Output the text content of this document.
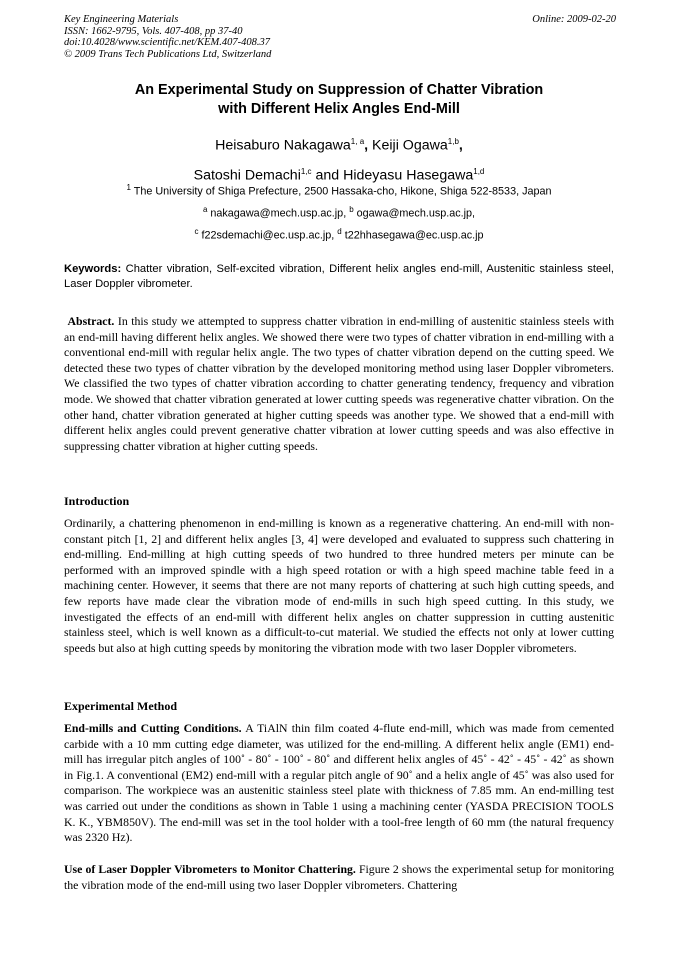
Key Engineering Materials
ISSN: 1662-9795, Vols. 407-408, pp 37-40
doi:10.4028/www.scientific.net/KEM.407-408.37
© 2009 Trans Tech Publications Ltd, Switzerland
Online: 2009-02-20
An Experimental Study on Suppression of Chatter Vibration
with Different Helix Angles End-Mill
Heisaburo Nakagawa$^{1, a}$, Keiji Ogawa$^{1,b}$,
Satoshi Demachi$^{1,c}$ and Hideyasu Hasegawa$^{1,d}$
$^1$ The University of Shiga Prefecture, 2500 Hassaka-cho, Hikone, Shiga 522-8533, Japan
$^a$ nakagawa@mech.usp.ac.jp, $^b$ ogawa@mech.usp.ac.jp,
$^c$ f22sdemachi@ec.usp.ac.jp, $^d$ t22hhasegawa@ec.usp.ac.jp
Keywords: Chatter vibration, Self-excited vibration, Different helix angles end-mill, Austenitic stainless steel, Laser Doppler vibrometer.

Abstract. In this study we attempted to suppress chatter vibration in end-milling of austenitic stainless steels with an end-mill having different helix angles. We showed there were two types of chatter vibration in end-milling with a conventional end-mill with regular helix angle. The two types of chatter vibration depend on the cutting speed. We detected these two types of chatter vibration by the developed monitoring method using laser Doppler vibrometers. We classified the two types of chatter vibration according to chatter generating tendency, frequency and vibration mode. We showed that chatter vibration generated at lower cutting speeds was regenerative chatter vibration. On the other hand, chatter vibration generated at higher cutting speeds was another type. We showed that a end-mill with different helix angles could prevent generative chatter vibration at lower cutting speeds and was also effective in suppressing chatter vibration at higher cutting speeds.

Introduction

Ordinarily, a chattering phenomenon in end-milling is known as a regenerative chattering. An end-mill with non-constant pitch [1, 2] and different helix angles [3, 4] were developed and evaluated to suppress such chattering in end-milling. End-milling at high cutting speeds of two hundred to three hundred meters per minute can be performed with an improved spindle with a high speed rotation or with a high speed machine table feed in a machining center. However, it seems that there are not many reports of chattering at such high cutting speeds, and few reports have made clear the vibration mode of end-mills in such high speed cutting. In this study, we investigated the effects of an end-mill with different helix angles on chatter suppression in cutting austenitic stainless steel, which is well known as a difficult-to-cut material. We studied the effects not only at lower cutting speeds but also at high cutting speeds by monitoring the vibration mode with two laser Doppler vibrometers.

Experimental Method

End-mills and Cutting Conditions. A TiAlN thin film coated 4-flute end-mill, which was made from cemented carbide with a 10 mm cutting edge diameter, was utilized for the end-milling. A different helix angle (EM1) end-mill has irregular pitch angles of 100˚ - 80˚ - 100˚ - 80˚ and different helix angles of 45˚ - 42˚ - 45˚ - 42˚ as shown in Fig.1. A conventional (EM2) end-mill with a regular pitch angle of 90˚ and a helix angle of 45˚ was also used for comparison. The workpiece was an austenitic stainless steel plate with thickness of 7.85 mm. An end-milling test was carried out under the conditions as shown in Table 1 using a machining center (YASDA PRECISION TOOLS K. K., YBM850V). The end-mill was set in the tool holder with a tool-free length of 60 mm (the natural frequency was 2320 Hz).

Use of Laser Doppler Vibrometers to Monitor Chattering. Figure 2 shows the experimental setup for monitoring the vibration mode of the end-mill using two laser Doppler vibrometers. Chattering
